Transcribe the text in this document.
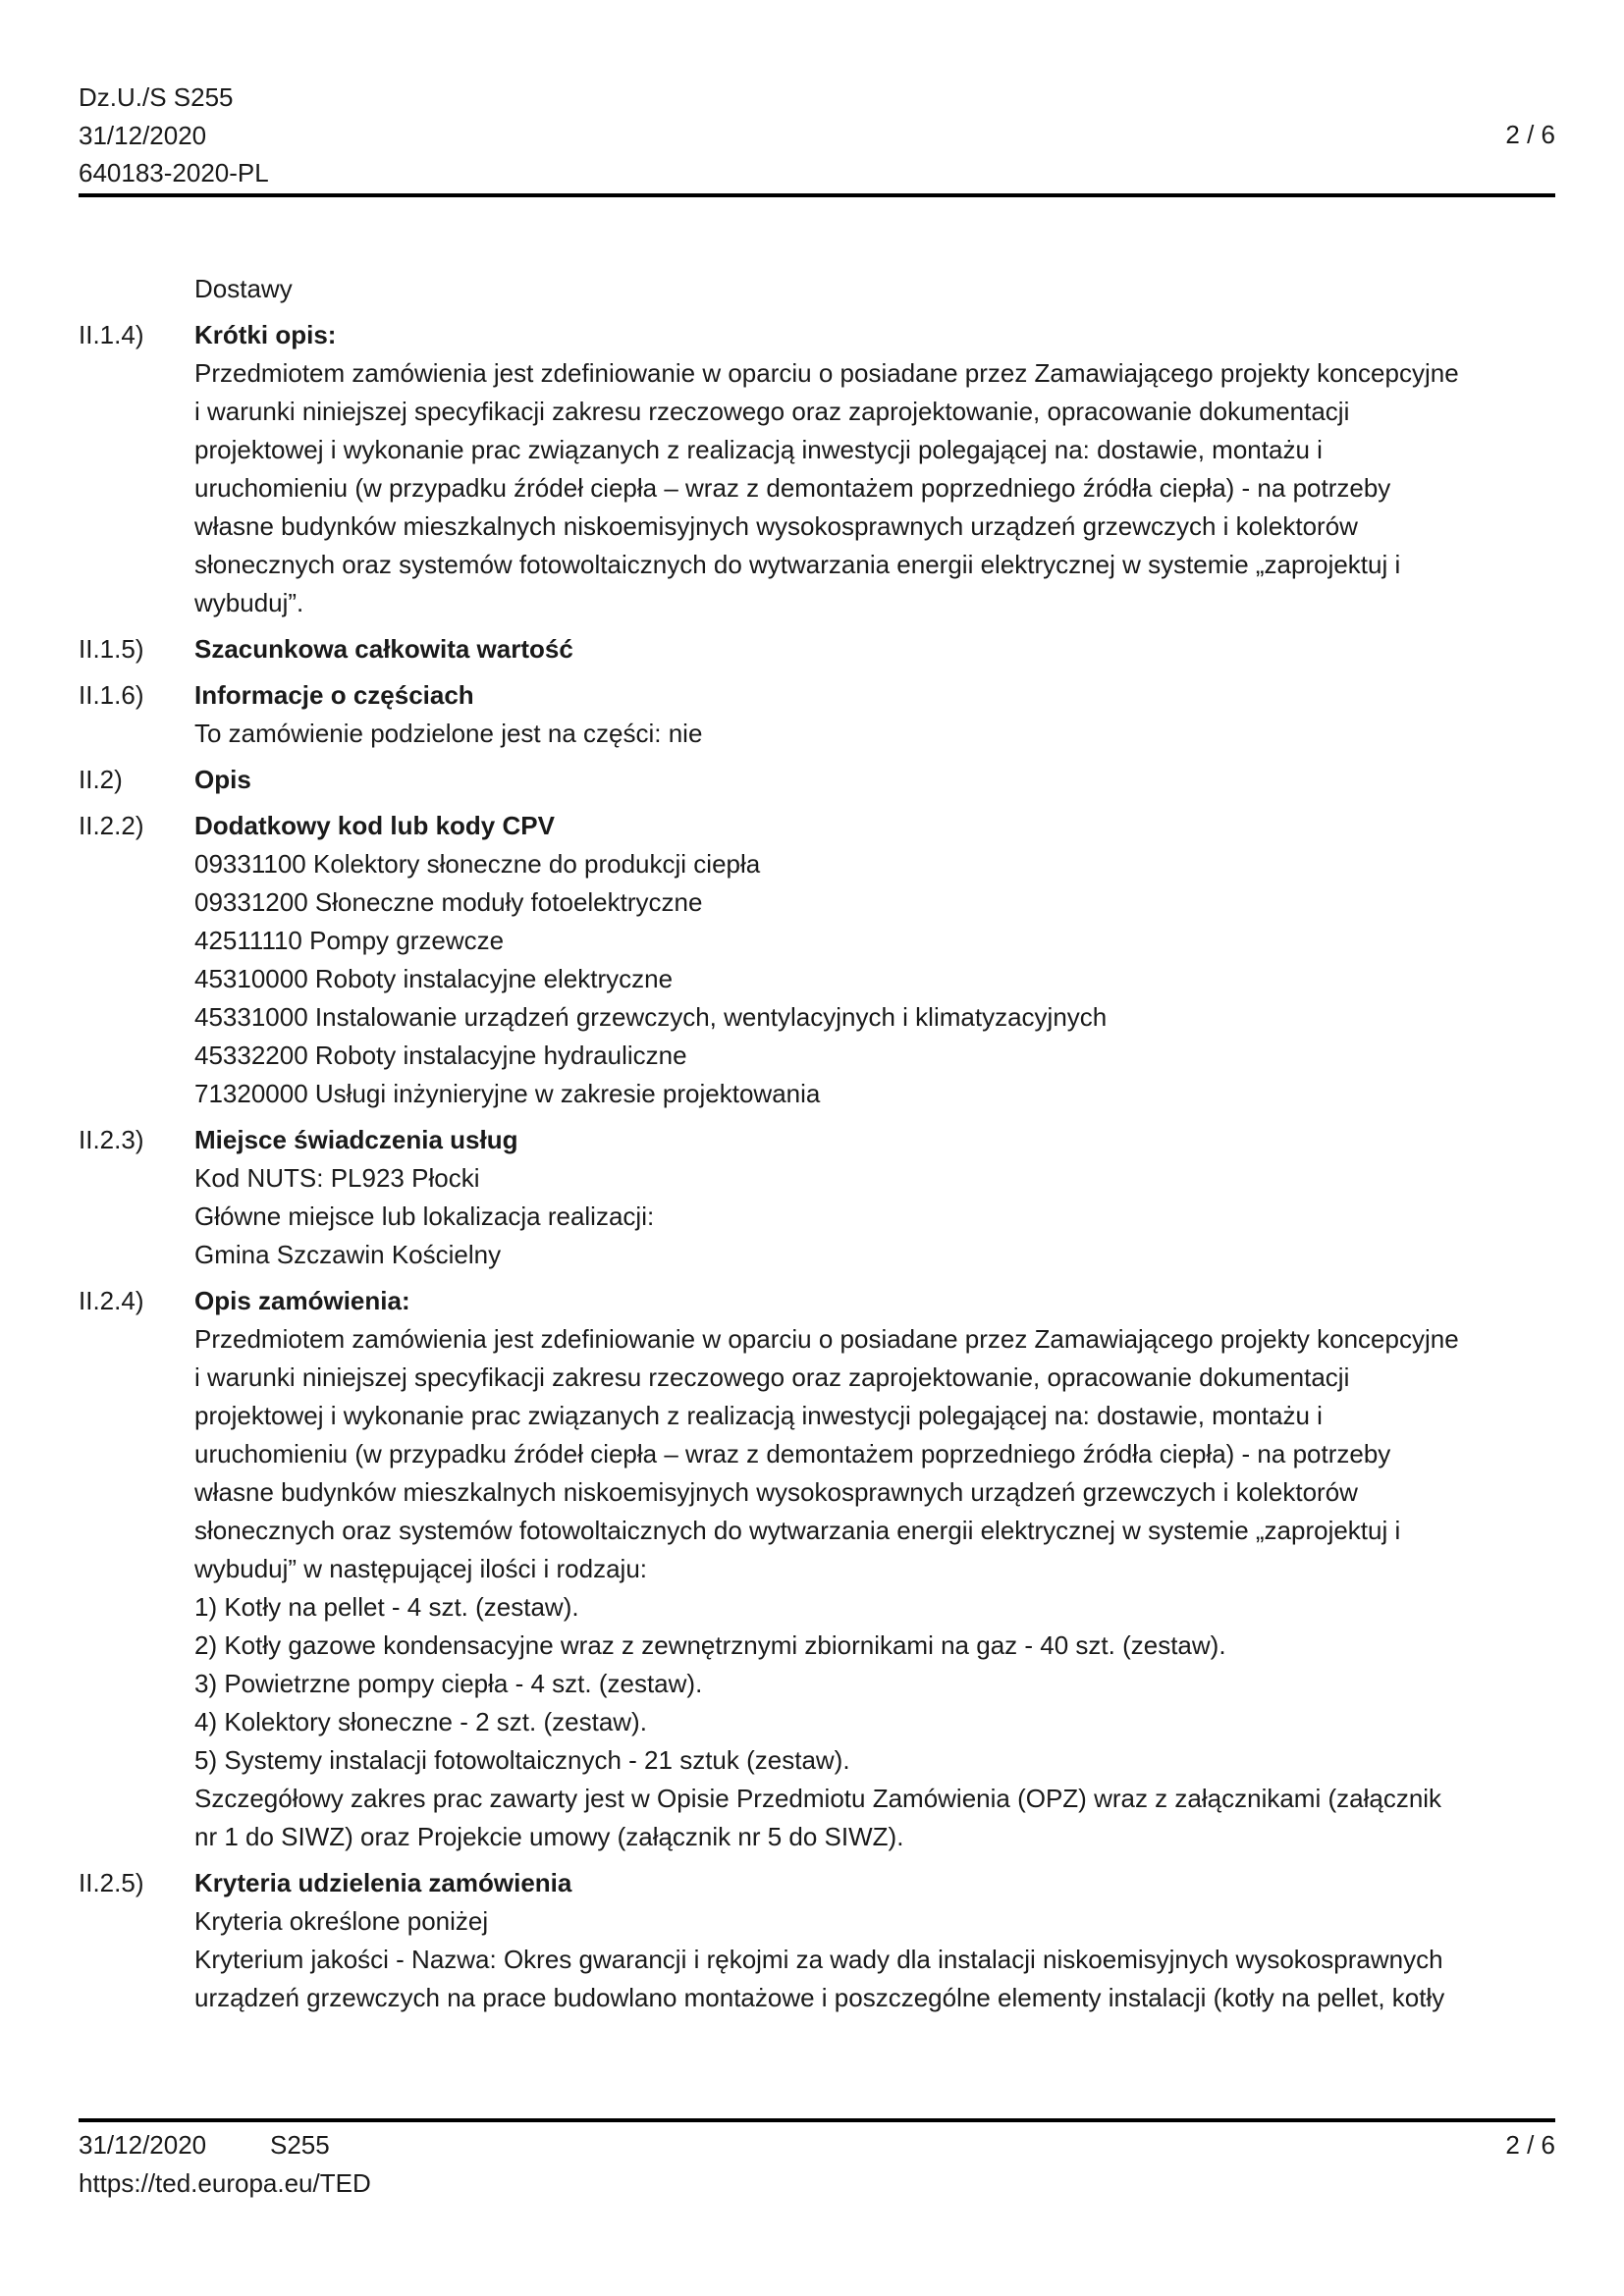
Dz.U./S S255
31/12/2020
640183-2020-PL
2 / 6
Dostawy
II.1.4)	Krótki opis:
Przedmiotem zamówienia jest zdefiniowanie w oparciu o posiadane przez Zamawiającego projekty koncepcyjne
i warunki niniejszej specyfikacji zakresu rzeczowego oraz zaprojektowanie, opracowanie dokumentacji
projektowej i wykonanie prac związanych z realizacją inwestycji polegającej na: dostawie, montażu i
uruchomieniu (w przypadku źródeł ciepła – wraz z demontażem poprzedniego źródła ciepła) - na potrzeby
własne budynków mieszkalnych niskoemisyjnych wysokosprawnych urządzeń grzewczych i kolektorów
słonecznych oraz systemów fotowoltaicznych do wytwarzania energii elektrycznej w systemie „zaprojektuj i
wybuduj”.
II.1.5)	Szacunkowa całkowita wartość
II.1.6)	Informacje o częściach
To zamówienie podzielone jest na części: nie
II.2)	Opis
II.2.2)	Dodatkowy kod lub kody CPV
09331100 Kolektory słoneczne do produkcji ciepła
09331200 Słoneczne moduły fotoelektryczne
42511110 Pompy grzewcze
45310000 Roboty instalacyjne elektryczne
45331000 Instalowanie urządzeń grzewczych, wentylacyjnych i klimatyzacyjnych
45332200 Roboty instalacyjne hydrauliczne
71320000 Usługi inżynieryjne w zakresie projektowania
II.2.3)	Miejsce świadczenia usług
Kod NUTS: PL923 Płocki
Główne miejsce lub lokalizacja realizacji:
Gmina Szczawin Kościelny
II.2.4)	Opis zamówienia:
Przedmiotem zamówienia jest zdefiniowanie w oparciu o posiadane przez Zamawiającego projekty koncepcyjne
i warunki niniejszej specyfikacji zakresu rzeczowego oraz zaprojektowanie, opracowanie dokumentacji
projektowej i wykonanie prac związanych z realizacją inwestycji polegającej na: dostawie, montażu i
uruchomieniu (w przypadku źródeł ciepła – wraz z demontażem poprzedniego źródła ciepła) - na potrzeby
własne budynków mieszkalnych niskoemisyjnych wysokosprawnych urządzeń grzewczych i kolektorów
słonecznych oraz systemów fotowoltaicznych do wytwarzania energii elektrycznej w systemie „zaprojektuj i
wybuduj” w następującej ilości i rodzaju:
1) Kotły na pellet - 4 szt. (zestaw).
2) Kotły gazowe kondensacyjne wraz z zewnętrznymi zbiornikami na gaz - 40 szt. (zestaw).
3) Powietrzne pompy ciepła - 4 szt. (zestaw).
4) Kolektory słoneczne - 2 szt. (zestaw).
5) Systemy instalacji fotowoltaicznych - 21 sztuk (zestaw).
Szczegółowy zakres prac zawarty jest w Opisie Przedmiotu Zamówienia (OPZ) wraz z załącznikami (załącznik
nr 1 do SIWZ) oraz Projekcie umowy (załącznik nr 5 do SIWZ).
II.2.5)	Kryteria udzielenia zamówienia
Kryteria określone poniżej
Kryterium jakości - Nazwa: Okres gwarancji i rękojmi za wady dla instalacji niskoemisyjnych wysokosprawnych
urządzeń grzewczych na prace budowlano montażowe i poszczególne elementy instalacji (kotły na pellet, kotły
31/12/2020 S255
https://ted.europa.eu/TED
2 / 6
